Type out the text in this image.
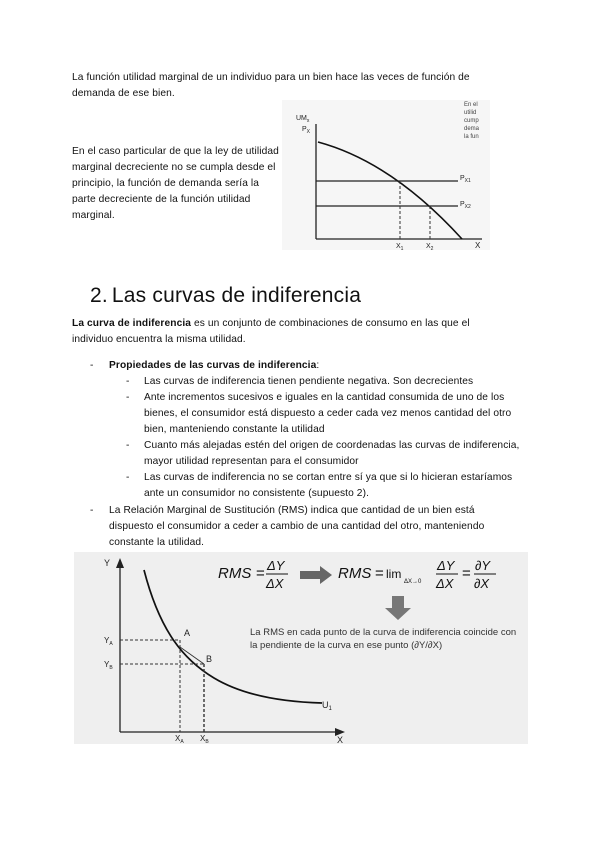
La función utilidad marginal de un individuo para un bien hace las veces de función de demanda de ese bien.

En el caso particular de que la ley de utilidad marginal decreciente no se cumpla desde el principio, la función de demanda sería la parte decreciente de la función utilidad marginal.

$UM_x$
$P_X$
$P_{X1}$
$P_{X2}$
$X_1$	$X_2$	X
En el
utilid
cump
dema
la fun
2. Las curvas de indiferencia

La curva de indiferencia es un conjunto de combinaciones de consumo en las que el individuo encuentra la misma utilidad.

- Propiedades de las curvas de indiferencia:
- Las curvas de indiferencia tienen pendiente negativa. Son decrecientes
- Ante incrementos sucesivos e iguales en la cantidad consumida de uno de los bienes, el consumidor está dispuesto a ceder cada vez menos cantidad del otro bien, manteniendo constante la utilidad
- Cuanto más alejadas estén del origen de coordenadas las curvas de indiferencia, mayor utilidad representan para el consumidor
- Las curvas de indiferencia no se cortan entre sí ya que si lo hicieran estaríamos ante un consumidor no consistente (supuesto 2).
- La Relación Marginal de Sustitución (RMS) indica que cantidad de un bien está dispuesto el consumidor a ceder a cambio de una cantidad del otro, manteniendo constante la utilidad.
Y
X
A
B
$Y_A$
$Y_B$
$X_A$ $X_B$
$U_1$
RMS = ΔY
ΔX
RMS = lim
ΔX→0
ΔY
ΔX
= ∂Y
∂X

La RMS en cada punto de la curva de indiferencia coincide con la pendiente de la curva en ese punto (∂Y/∂X)
